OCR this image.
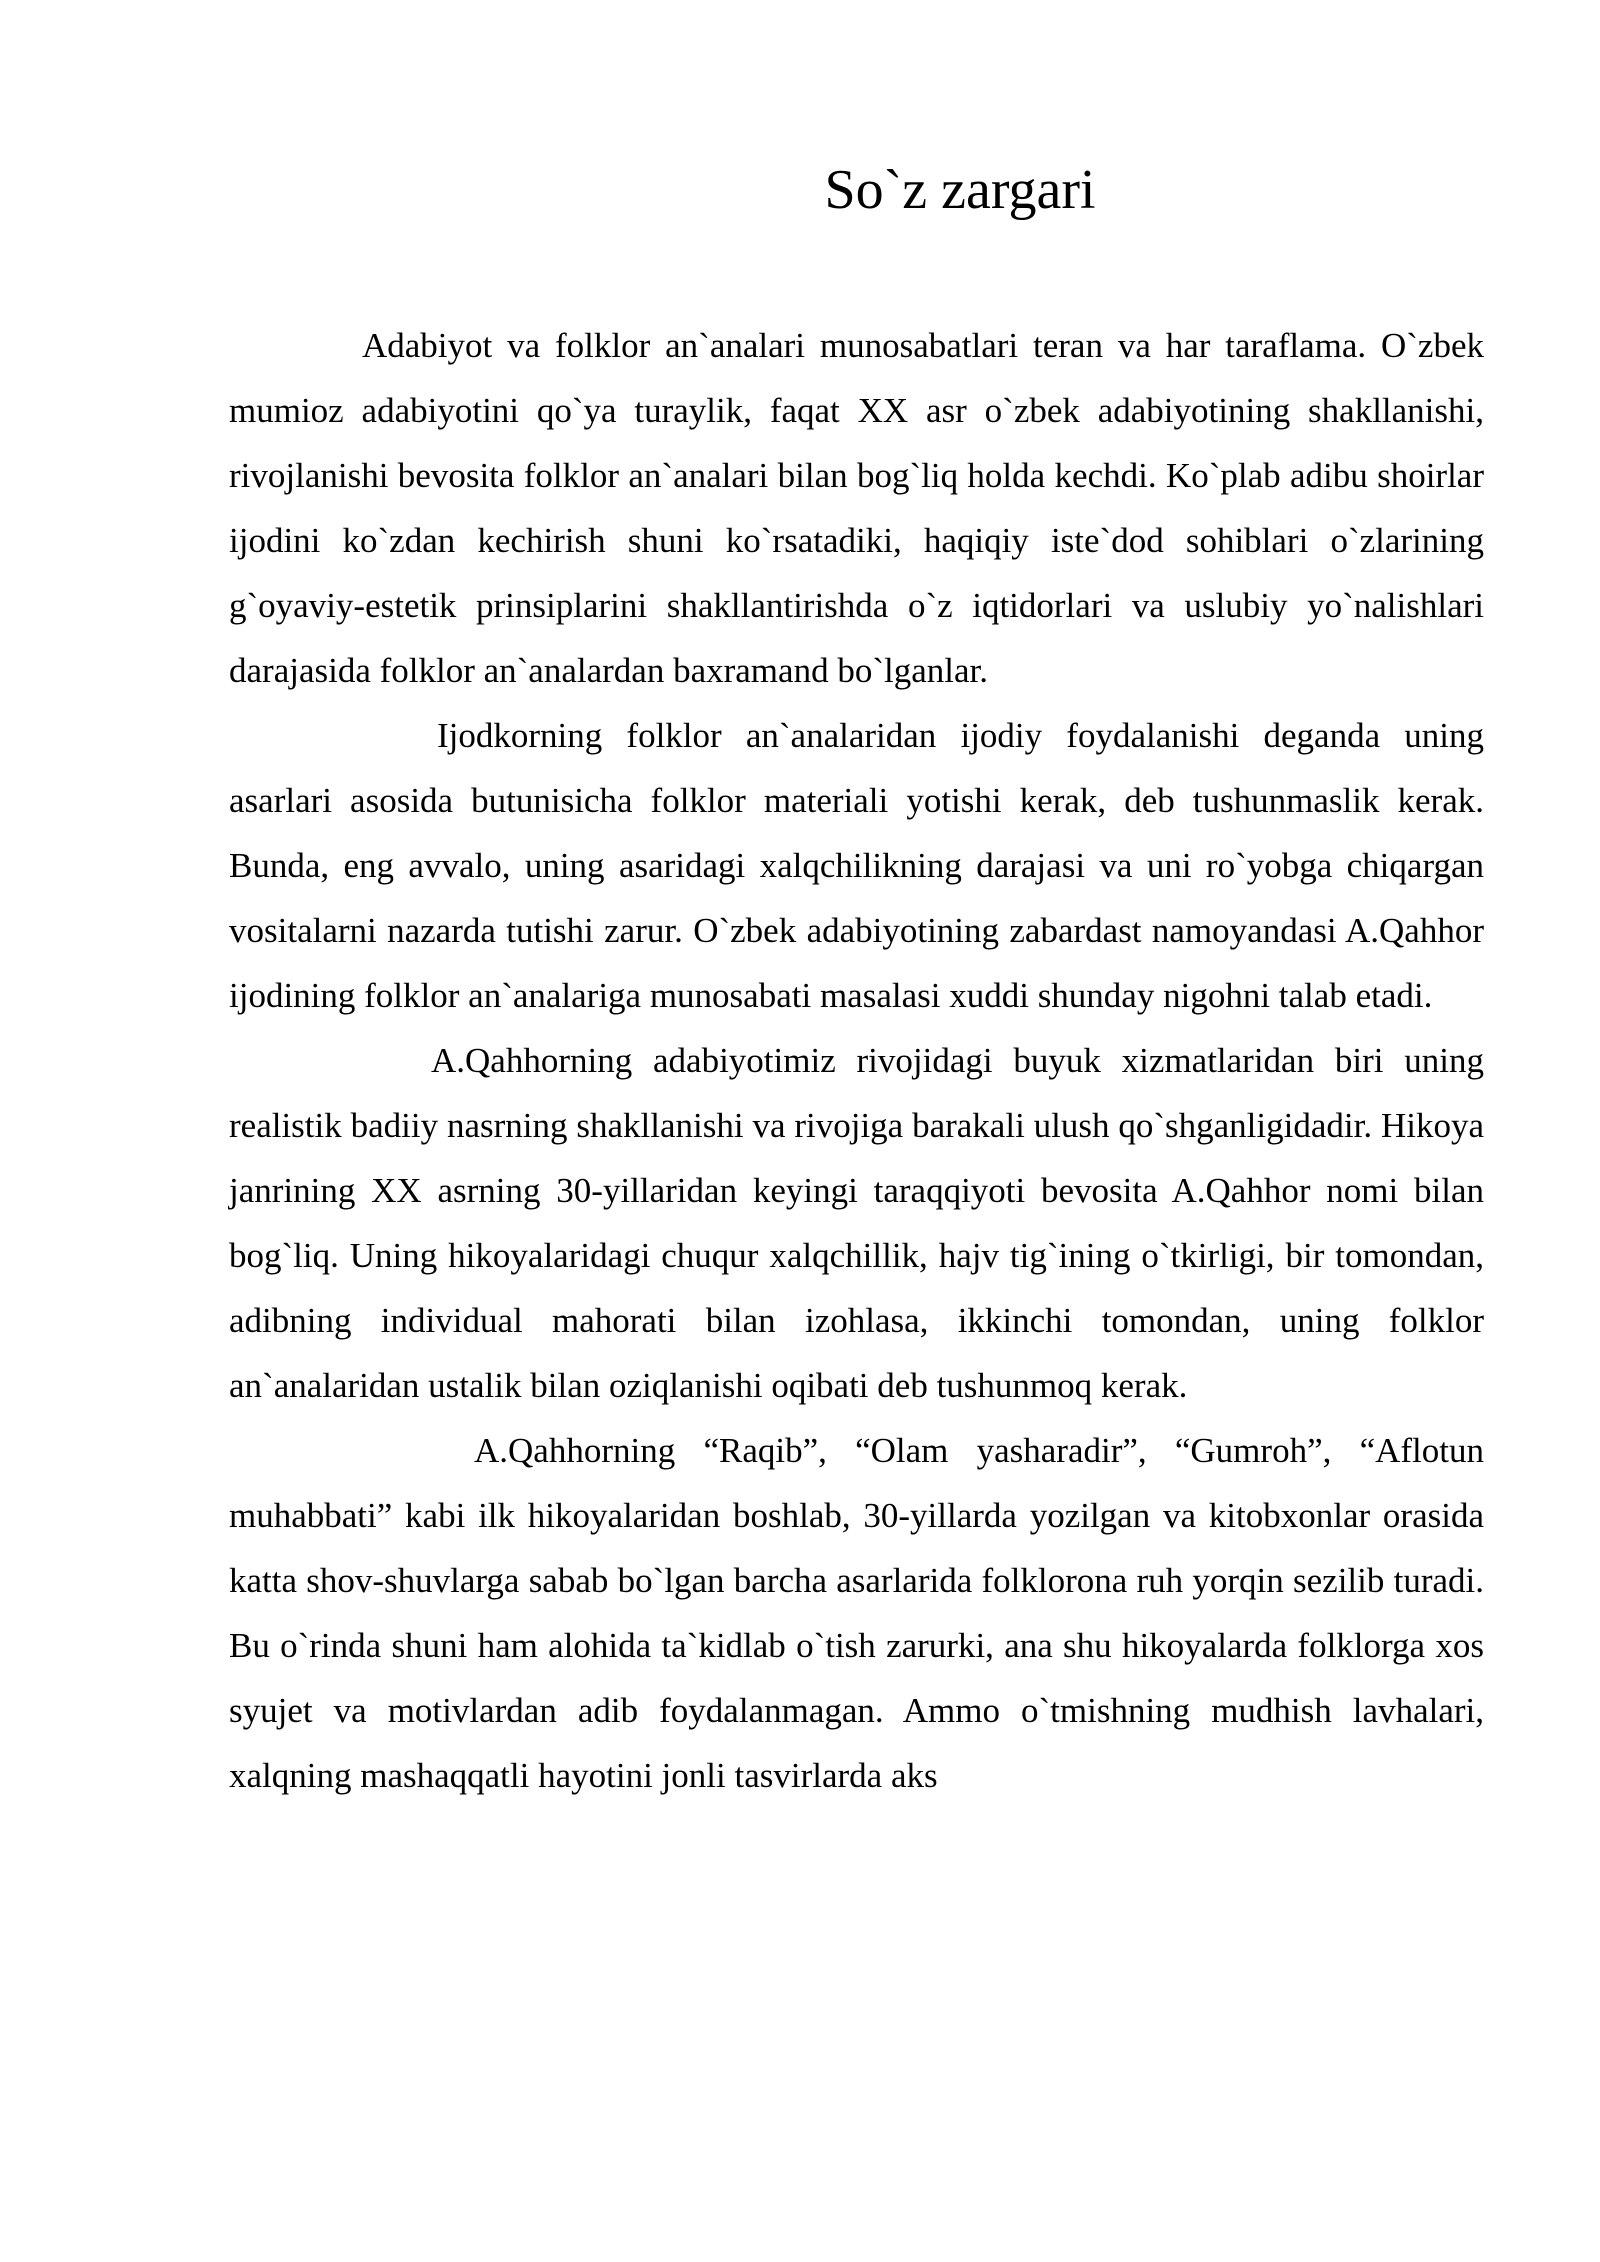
So`z zargari

Adabiyot va folklor an`analari munosabatlari teran va har taraflama. O`zbek mumioz adabiyotini qo`ya turaylik, faqat XX asr o`zbek adabiyotining shakllanishi, rivojlanishi bevosita folklor an`analari bilan bog`liq holda kechdi. Ko`plab adibu shoirlar ijodini ko`zdan kechirish shuni ko`rsatadiki, haqiqiy iste`dod sohiblari o`zlarining g`oyaviy-estetik prinsiplarini shakllantirishda o`z iqtidorlari va uslubiy yo`nalishlari darajasida folklor an`analardan baxramand bo`lganlar.

Ijodkorning folklor an`analaridan ijodiy foydalanishi deganda uning asarlari asosida butunisicha folklor materiali yotishi kerak, deb tushunmaslik kerak. Bunda, eng avvalo, uning asaridagi xalqchilikning darajasi va uni ro`yobga chiqargan vositalarni nazarda tutishi zarur. O`zbek adabiyotining zabardast namoyandasi A.Qahhor ijodining folklor an`analariga munosabati masalasi xuddi shunday nigohni talab etadi.

A.Qahhorning adabiyotimiz rivojidagi buyuk xizmatlaridan biri uning realistik badiiy nasrning shakllanishi va rivojiga barakali ulush qo`shganligidadir. Hikoya janrining XX asrning 30-yillaridan keyingi taraqqiyoti bevosita A.Qahhor nomi bilan bog`liq. Uning hikoyalaridagi chuqur xalqchillik, hajv tig`ining o`tkirligi, bir tomondan, adibning individual mahorati bilan izohlasa, ikkinchi tomondan, uning folklor an`analaridan ustalik bilan oziqlanishi oqibati deb tushunmoq kerak.

A.Qahhorning “Raqib”, “Olam yasharadir”, “Gumroh”, “Aflotun muhabbati” kabi ilk hikoyalaridan boshlab, 30-yillarda yozilgan va kitobxonlar orasida katta shov-shuvlarga sabab bo`lgan barcha asarlarida folklorona ruh yorqin sezilib turadi. Bu o`rinda shuni ham alohida ta`kidlab o`tish zarurki, ana shu hikoyalarda folklorga xos syujet va motivlardan adib foydalanmagan. Ammo o`tmishning mudhish lavhalari, xalqning mashaqqatli hayotini jonli tasvirlarda aks
